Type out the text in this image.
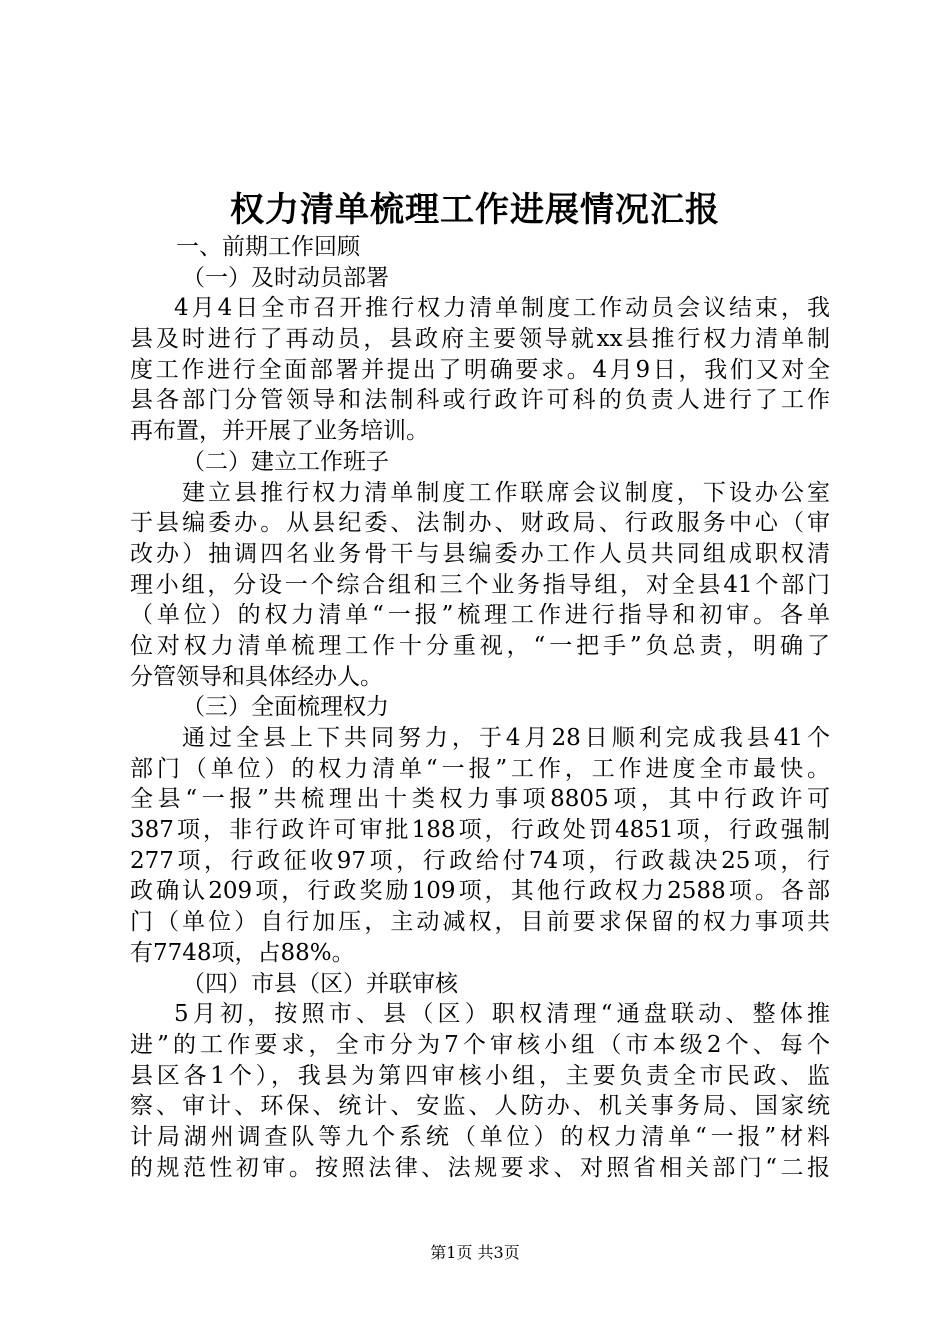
权力清单梳理工作进展情况汇报
一、前期工作回顾
（一）及时动员部署
4月4日全市召开推行权力清单制度工作动员会议结束，我
县及时进行了再动员，县政府主要领导就xx县推行权力清单制
度工作进行全面部署并提出了明确要求。4月9日，我们又对全
县各部门分管领导和法制科或行政许可科的负责人进行了工作
再布置，并开展了业务培训。
（二）建立工作班子
建立县推行权力清单制度工作联席会议制度，下设办公室
于县编委办。从县纪委、法制办、财政局、行政服务中心（审
改办）抽调四名业务骨干与县编委办工作人员共同组成职权清
理小组，分设一个综合组和三个业务指导组，对全县41个部门
（单位）的权力清单“一报”梳理工作进行指导和初审。各单
位对权力清单梳理工作十分重视，“一把手”负总责，明确了
分管领导和具体经办人。
（三）全面梳理权力
通过全县上下共同努力，于4月28日顺利完成我县41个
部门（单位）的权力清单“一报”工作，工作进度全市最快。
全县“一报”共梳理出十类权力事项8805项，其中行政许可
387项，非行政许可审批188项，行政处罚4851项，行政强制
277项，行政征收97项，行政给付74项，行政裁决25项，行
政确认209项，行政奖励109项，其他行政权力2588项。各部
门（单位）自行加压，主动减权，目前要求保留的权力事项共
有7748项，占88%。
（四）市县（区）并联审核
5月初，按照市、县（区）职权清理“通盘联动、整体推
进”的工作要求，全市分为7个审核小组（市本级2个、每个
县区各1个），我县为第四审核小组，主要负责全市民政、监
察、审计、环保、统计、安监、人防办、机关事务局、国家统
计局湖州调查队等九个系统（单位）的权力清单“一报”材料
的规范性初审。按照法律、法规要求、对照省相关部门“二报
第1页 共3页
